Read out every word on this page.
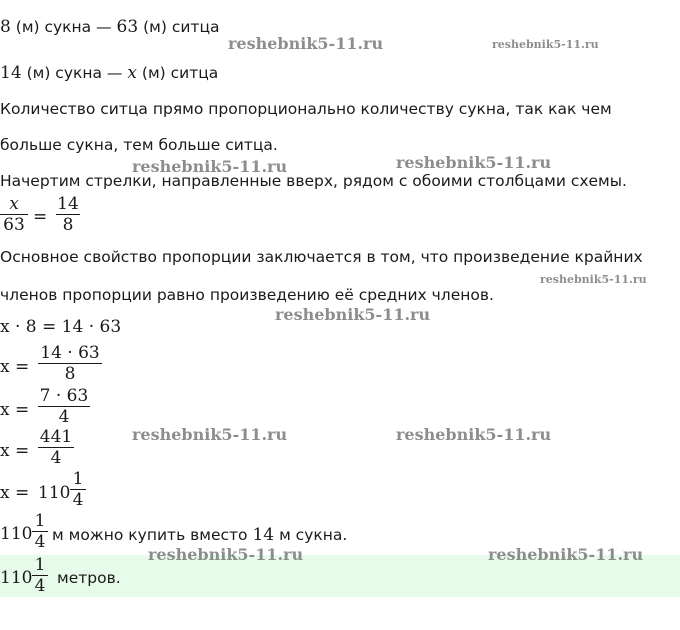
8 (м) сукна — 63 (м) ситца
14 (м) сукна — x (м) ситца
Количество ситца прямо пропорционально количеству сукна, так как чем
больше сукна, тем больше ситца.
Начертим стрелки, направленные вверх, рядом с обоими столбцами схемы.
x
63 =
14
8
Основное свойство пропорции заключается в том, что произведение крайних
членов пропорции равно произведению её средних членов.
x · 8 = 14 · 63
x =
14 · 63
8
x =
7 · 63
4
x =
441
4
x = 110
1
4
110
1
4 м можно купить вместо 14 м сукна.
110
1
4 метров.
reshebnik5-11.ru	reshebnik5-11.ru
reshebnik5-11.ru	reshebnik5-11.ru
reshebnik5-11.ru
reshebnik5-11.ru
reshebnik5-11.ru	reshebnik5-11.ru
reshebnik5-11.ru	reshebnik5-11.ru
